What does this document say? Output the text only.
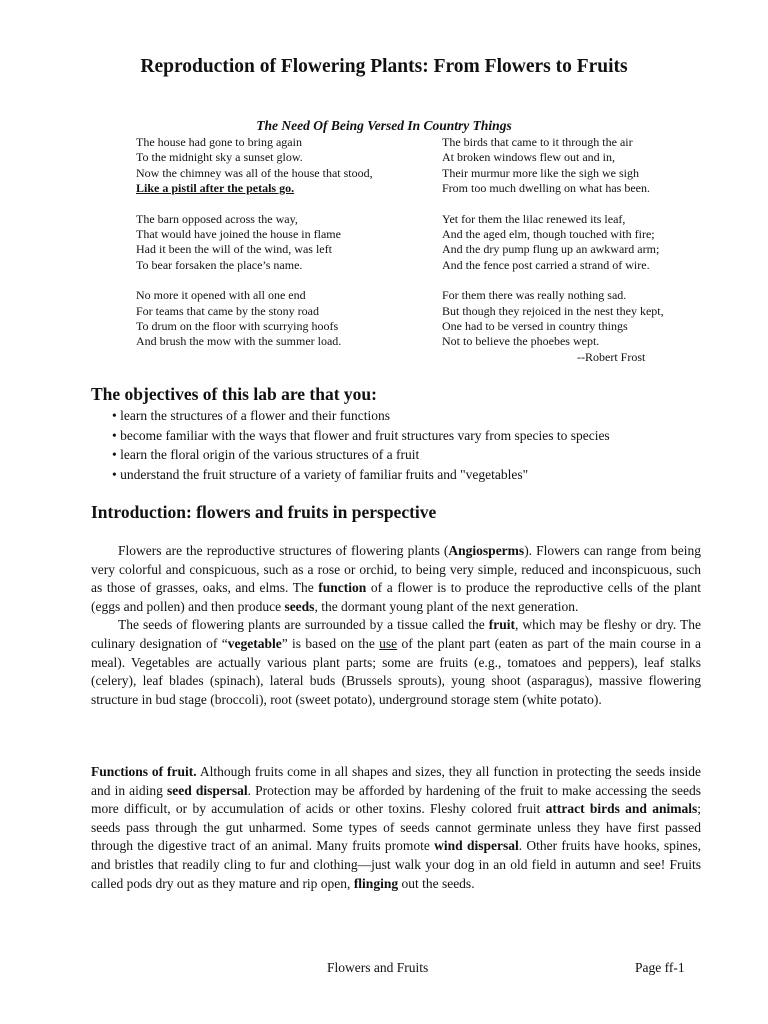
Reproduction of Flowering Plants: From Flowers to Fruits
The Need Of Being Versed In Country Things
The house had gone to bring again
To the midnight sky a sunset glow.
Now the chimney was all of the house that stood,
Like a pistil after the petals go.
The barn opposed across the way,
That would have joined the house in flame
Had it been the will of the wind, was left
To bear forsaken the place’s name.
No more it opened with all one end
For teams that came by the stony road
To drum on the floor with scurrying hoofs
And brush the mow with the summer load.
The birds that came to it through the air
At broken windows flew out and in,
Their murmur more like the sigh we sigh
From too much dwelling on what has been.
Yet for them the lilac renewed its leaf,
And the aged elm, though touched with fire;
And the dry pump flung up an awkward arm;
And the fence post carried a strand of wire.
For them there was really nothing sad.
But though they rejoiced in the nest they kept,
One had to be versed in country things
Not to believe the phoebes wept.
--Robert Frost
The objectives of this lab are that you:
• learn the structures of a flower and their functions
• become familiar with the ways that flower and fruit structures vary from species to species
• learn the floral origin of the various structures of a fruit
• understand the fruit structure of a variety of familiar fruits and "vegetables"
Introduction: flowers and fruits in perspective

Flowers are the reproductive structures of flowering plants (Angiosperms). Flowers can range from being very colorful and conspicuous, such as a rose or orchid, to being very simple, reduced and inconspicuous, such as those of grasses, oaks, and elms. The function of a flower is to produce the reproductive cells of the plant (eggs and pollen) and then produce seeds, the dormant young plant of the next generation.

The seeds of flowering plants are surrounded by a tissue called the fruit, which may be fleshy or dry. The culinary designation of “vegetable” is based on the use of the plant part (eaten as part of the main course in a meal). Vegetables are actually various plant parts; some are fruits (e.g., tomatoes and peppers), leaf stalks (celery), leaf blades (spinach), lateral buds (Brussels sprouts), young shoot (asparagus), massive flowering structure in bud stage (broccoli), root (sweet potato), underground storage stem (white potato).

Functions of fruit. Although fruits come in all shapes and sizes, they all function in protecting the seeds inside and in aiding seed dispersal. Protection may be afforded by hardening of the fruit to make accessing the seeds more difficult, or by accumulation of acids or other toxins. Fleshy colored fruit attract birds and animals; seeds pass through the gut unharmed. Some types of seeds cannot germinate unless they have first passed through the digestive tract of an animal. Many fruits promote wind dispersal. Other fruits have hooks, spines, and bristles that readily cling to fur and clothing—just walk your dog in an old field in autumn and see! Fruits called pods dry out as they mature and rip open, flinging out the seeds.

Flowers and Fruits	Page ff-1
